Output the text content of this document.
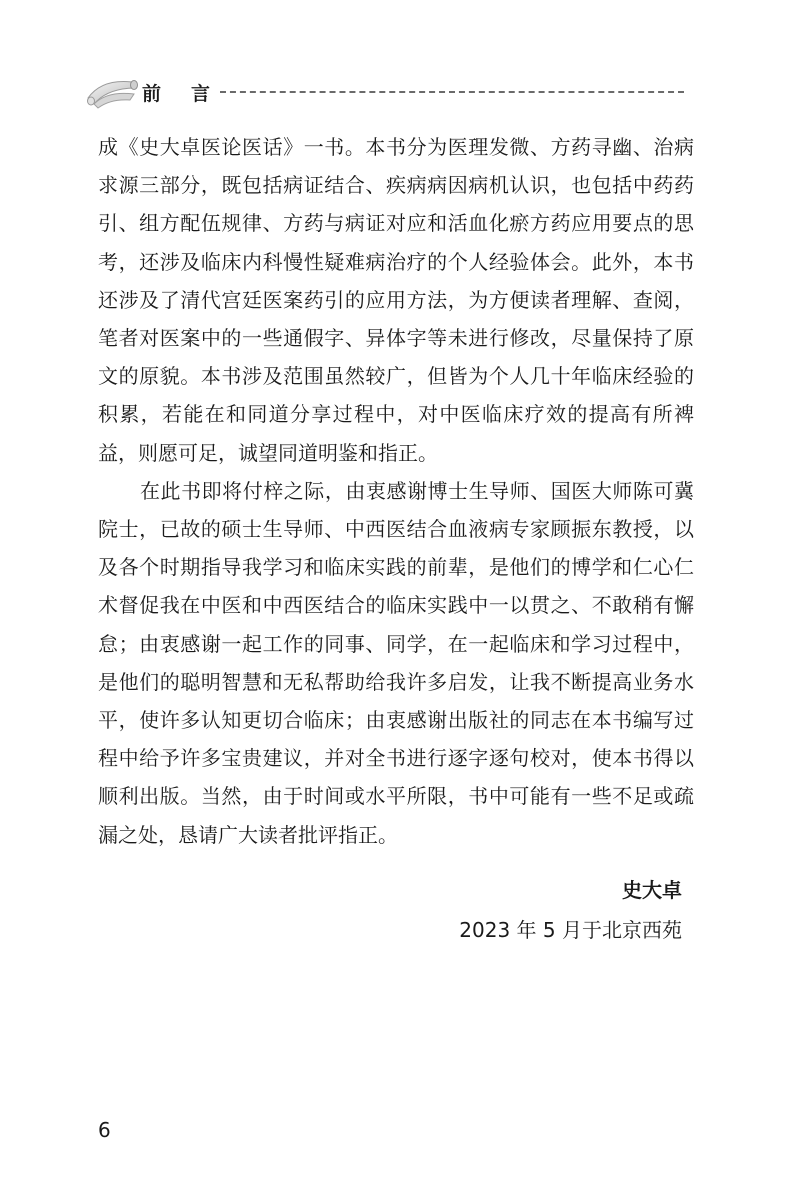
前言

成《史大卓医论医话》一书。本书分为医理发微、方药寻幽、治病求源三部分，既包括病证结合、疾病病因病机认识，也包括中药药引、组方配伍规律、方药与病证对应和活血化瘀方药应用要点的思考，还涉及临床内科慢性疑难病治疗的个人经验体会。此外，本书还涉及了清代宫廷医案药引的应用方法，为方便读者理解、查阅，笔者对医案中的一些通假字、异体字等未进行修改，尽量保持了原文的原貌。本书涉及范围虽然较广，但皆为个人几十年临床经验的积累，若能在和同道分享过程中，对中医临床疗效的提高有所裨益，则愿可足，诚望同道明鉴和指正。

在此书即将付梓之际，由衷感谢博士生导师、国医大师陈可冀院士，已故的硕士生导师、中西医结合血液病专家顾振东教授，以及各个时期指导我学习和临床实践的前辈，是他们的博学和仁心仁术督促我在中医和中西医结合的临床实践中一以贯之、不敢稍有懈怠；由衷感谢一起工作的同事、同学，在一起临床和学习过程中，是他们的聪明智慧和无私帮助给我许多启发，让我不断提高业务水平，使许多认知更切合临床；由衷感谢出版社的同志在本书编写过程中给予许多宝贵建议，并对全书进行逐字逐句校对，使本书得以顺利出版。当然，由于时间或水平所限，书中可能有一些不足或疏漏之处，恳请广大读者批评指正。

史大卓
2023 年 5 月于北京西苑
6
